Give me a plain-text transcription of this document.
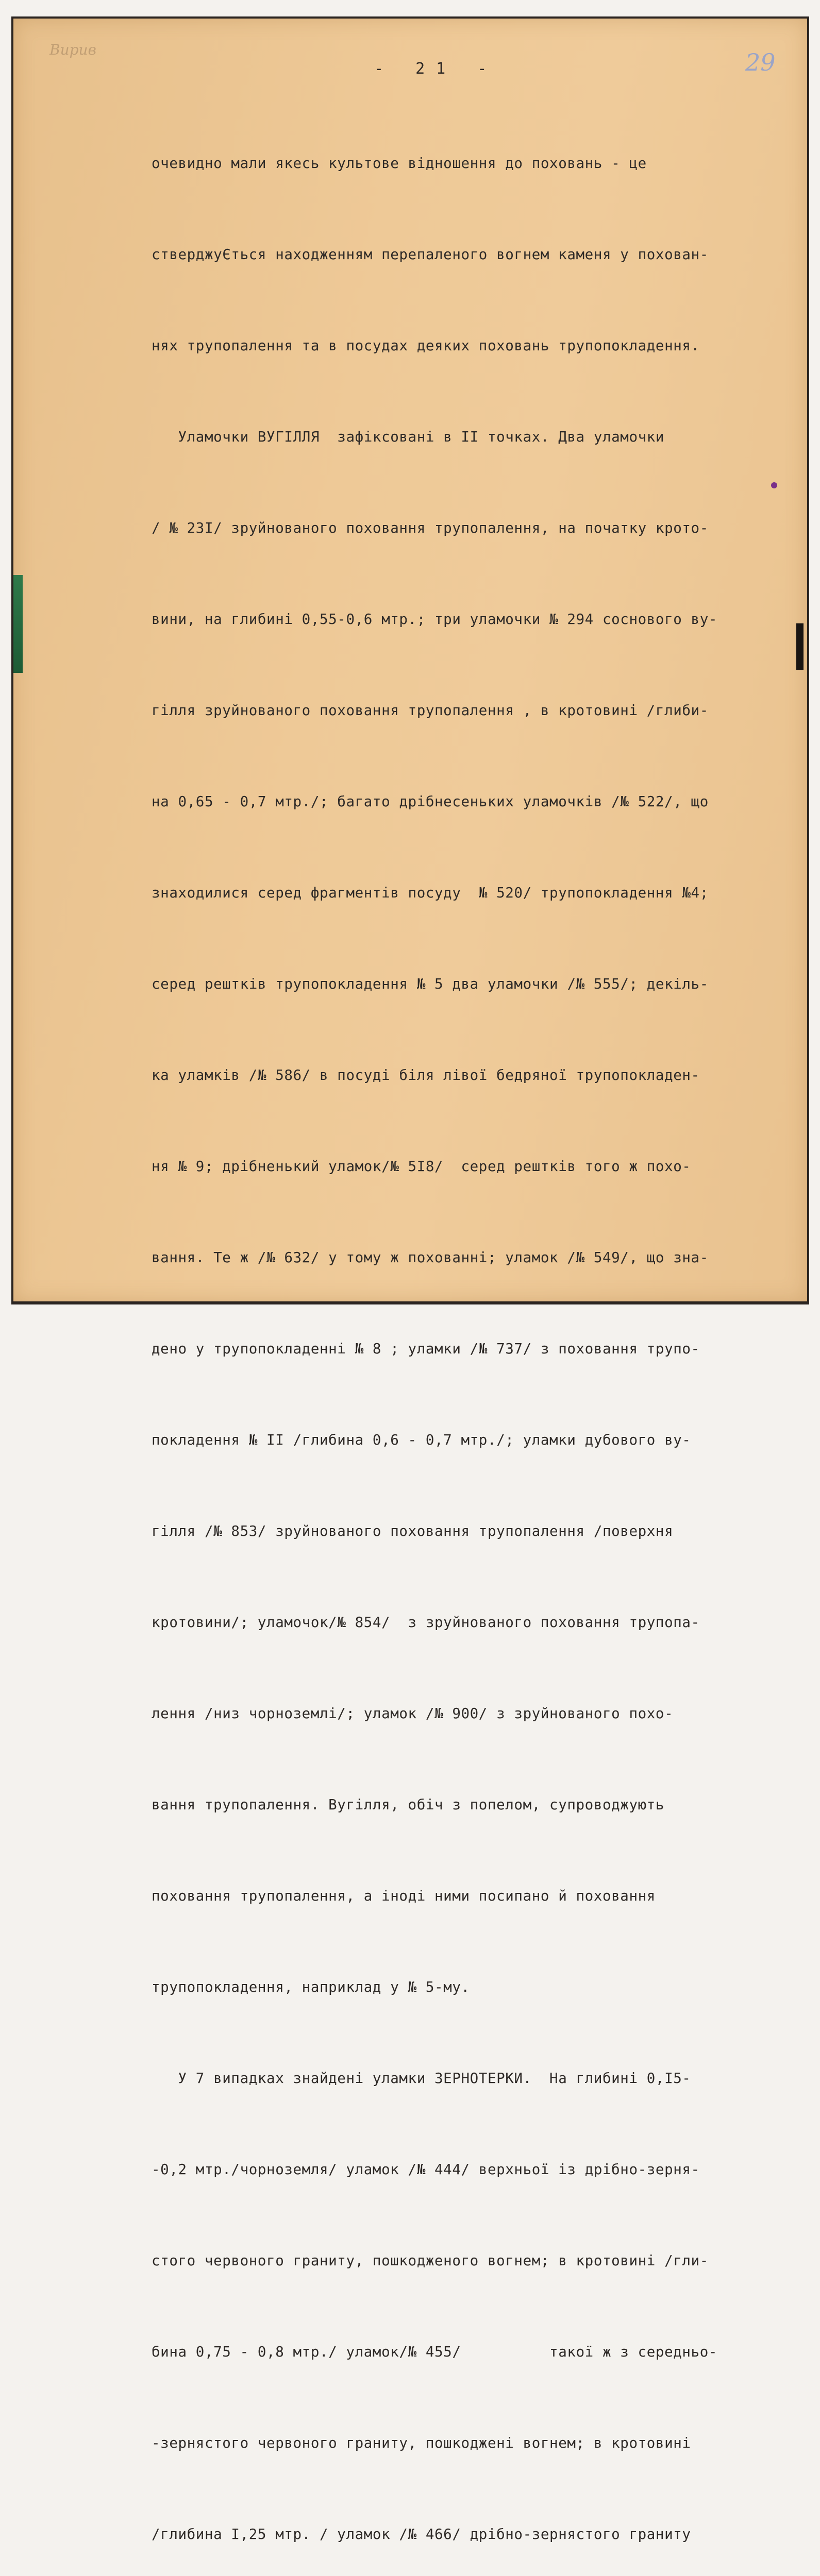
Вирив
- 21 -	29

очевидно мали якесь культове відношення до поховань - це

стверджуЄться находженням перепаленого вогнем каменя у похован-

нях трупопалення та в посудах деяких поховань трупопокладення.

Уламочки ВУГІЛЛЯ  зафіксовані в II точках. Два уламочки

/ № 23I/ зруйнованого поховання трупопалення, на початку крото-

вини, на глибині 0,55-0,6 мтр.; три уламочки № 294 соснового ву-

гілля зруйнованого поховання трупопалення , в кротовині /глиби-

на 0,65 - 0,7 мтр./; багато дрібнесеньких уламочків /№ 522/, що

знаходилися серед фрагментів посуду  № 520/ трупопокладення №4;

серед рештків трупопокладення № 5 два уламочки /№ 555/; декіль-

ка уламків /№ 586/ в посуді біля лівої бедряної трупопокладен-

ня № 9; дрібненький уламок/№ 5I8/  серед рештків того ж похо-

вання. Те ж /№ 632/ у тому ж похованні; уламок /№ 549/, що зна-

дено у трупопокладенні № 8 ; уламки /№ 737/ з поховання трупо-

покладення № II /глибина 0,6 - 0,7 мтр./; уламки дубового ву-

гілля /№ 853/ зруйнованого поховання трупопалення /поверхня

кротовини/; уламочок/№ 854/  з зруйнованого поховання трупопа-

лення /низ чорноземлі/; уламок /№ 900/ з зруйнованого похо-

вання трупопалення. Вугілля, обіч з попелом, супроводжують

поховання трупопалення, а іноді ними посипано й поховання

трупопокладення, наприклад у № 5-му.

У 7 випадках знайдені уламки ЗЕРНОТЕРКИ.  На глибині 0,I5-

-0,2 мтр./чорноземля/ уламок /№ 444/ верхньої із дрібно-зерня-

стого червоного граниту, пошкодженого вогнем; в кротовині /гли-

бина 0,75 - 0,8 мтр./ уламок/№ 455/          такої ж з середньо-

-зернястого червоного граниту, пошкоджені вогнем; в кротовині

/глибина I,25 мтр. / уламок /№ 466/ дрібно-зернястого граниту
